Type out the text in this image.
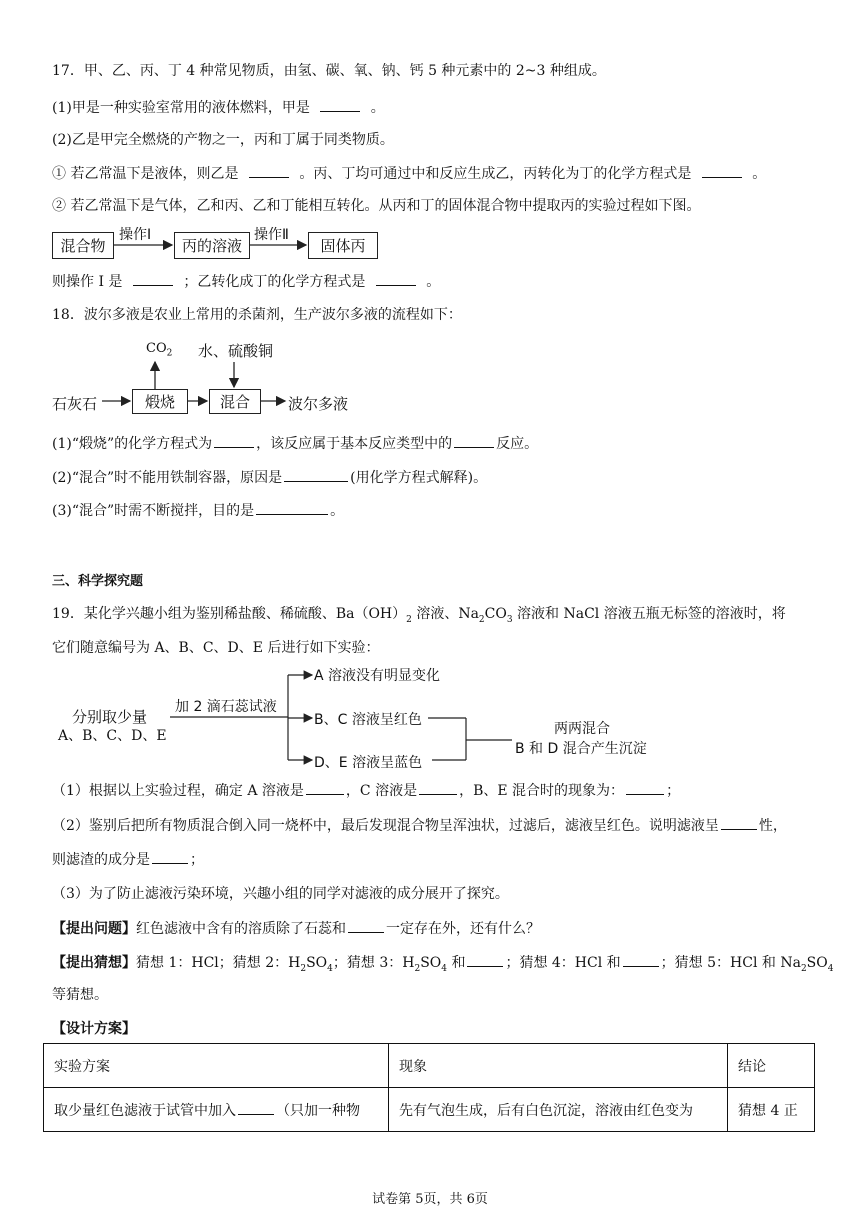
17．甲、乙、丙、丁 4 种常见物质，由氢、碳、氧、钠、钙 5 种元素中的 2~3 种组成。
(1)甲是一种实验室常用的液体燃料，甲是	。
(2)乙是甲完全燃烧的产物之一，丙和丁属于同类物质。
① 若乙常温下是液体，则乙是	。丙、丁均可通过中和反应生成乙，丙转化为丁的化学方程式是	。
② 若乙常温下是气体，乙和丙、乙和丁能相互转化。从丙和丁的固体混合物中提取丙的实验过程如下图。
混合物
操作Ⅰ
丙的溶液
操作Ⅱ
固体丙
则操作 I 是	；乙转化成丁的化学方程式是	。
18．波尔多液是农业上常用的杀菌剂，生产波尔多液的流程如下：
$CO_2$ 水、硫酸铜
石灰石	煅烧	混合	波尔多液
(1)“煅烧”的化学方程式为	，该反应属于基本反应类型中的	反应。
(2)“混合”时不能用铁制容器，原因是	(用化学方程式解释)。
(3)“混合”时需不断搅拌，目的是	。
三、科学探究题
19．某化学兴趣小组为鉴别稀盐酸、稀硫酸、$Ba(OH)_2$ 溶液、$Na_2CO_3$ 溶液和 NaCl 溶液五瓶无标签的溶液时，将
它们随意编号为 A、B、C、D、E 后进行如下实验：
分别取少量
A、B、C、D、E
加 2 滴石蕊试液
A 溶液没有明显变化
B、C 溶液呈红色
D、E 溶液呈蓝色
两两混合
B 和 D 混合产生沉淀
（1）根据以上实验过程，确定 A 溶液是	，C 溶液是	，B、E 混合时的现象为：	；
（2）鉴别后把所有物质混合倒入同一烧杯中，最后发现混合物呈浑浊状，过滤后，滤液呈红色。说明滤液呈	性，
则滤渣的成分是	；
（3）为了防止滤液污染环境，兴趣小组的同学对滤液的成分展开了探究。
【提出问题】红色滤液中含有的溶质除了石蕊和	一定存在外，还有什么？
【提出猜想】猜想 1：HCl；猜想 2：$H_2SO_4$；猜想 3：$H_2SO_4$ 和	；猜想 4：HCl 和	；猜想 5：HCl 和 $Na_2SO_4$
等猜想。
【设计方案】
实验方案	现象	结论
取少量红色滤液于试管中加入 （只加一种物	先有气泡生成，后有白色沉淀，溶液由红色变为	猜想 4 正
试卷第 5页，共 6页
